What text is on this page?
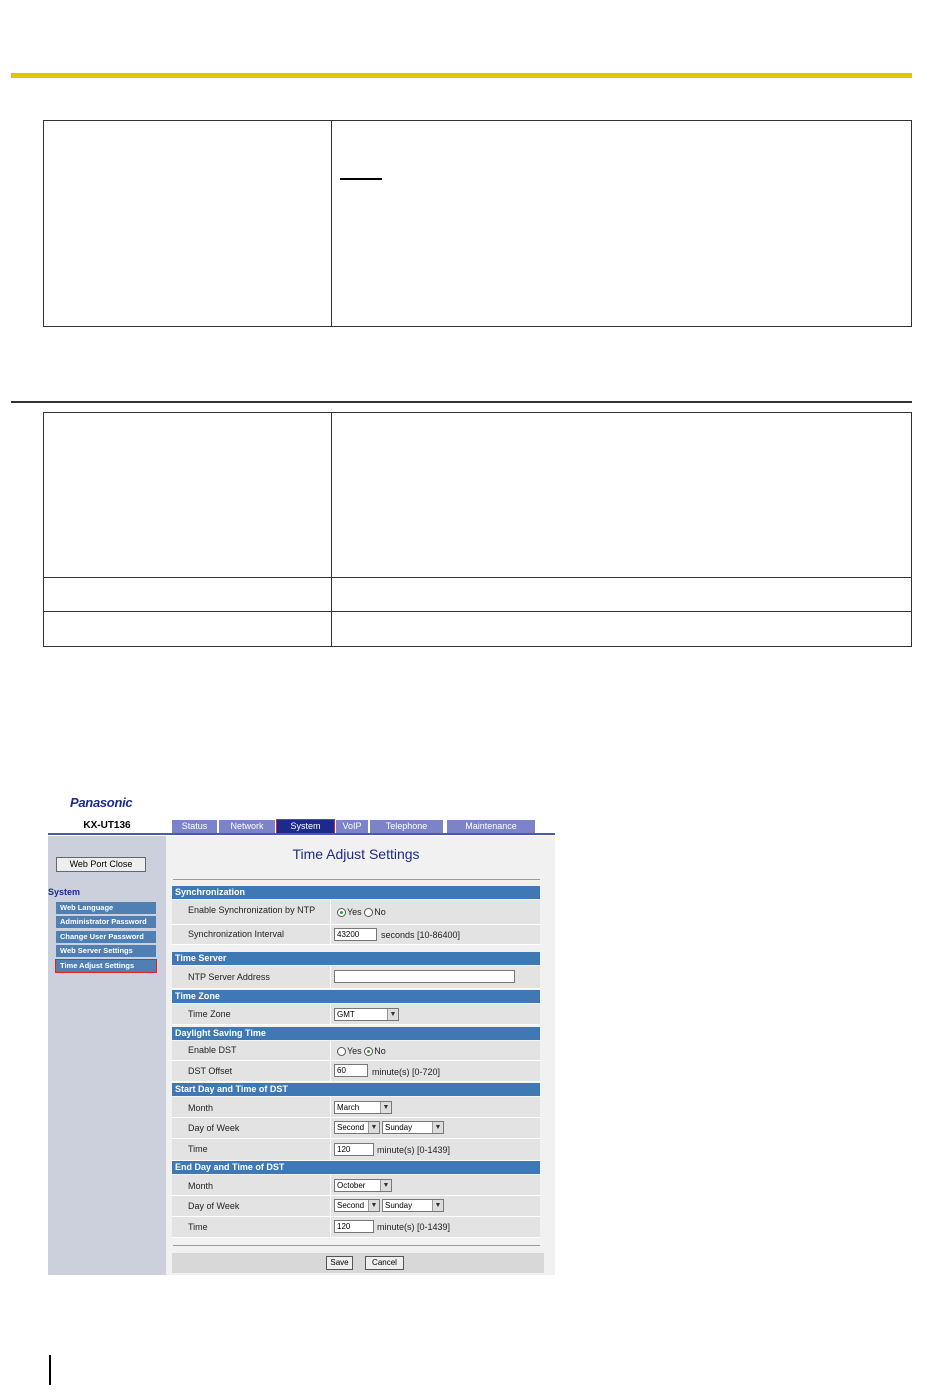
Panasonic
KX-UT136	Status	Network	System	VoIP	Telephone	Maintenance
Web Port Close
System
Web Language
Administrator Password
Change User Password
Web Server Settings
Time Adjust Settings
Time Adjust Settings
Synchronization
Enable Synchronization by NTP	Yes No
Synchronization Interval	43200	seconds [10-86400]
Time Server
NTP Server Address
Time Zone
Time Zone	GMT	▼
Daylight Saving Time
Enable DST	Yes No
DST Offset	60	minute(s) [0-720]
Start Day and Time of DST
Month	March	▼
Day of Week	Second ▼ Sunday	▼
Time	120	minute(s) [0-1439]
End Day and Time of DST
Month	October	▼
Day of Week	Second ▼ Sunday	▼
Time	120	minute(s) [0-1439]
Save	Cancel
